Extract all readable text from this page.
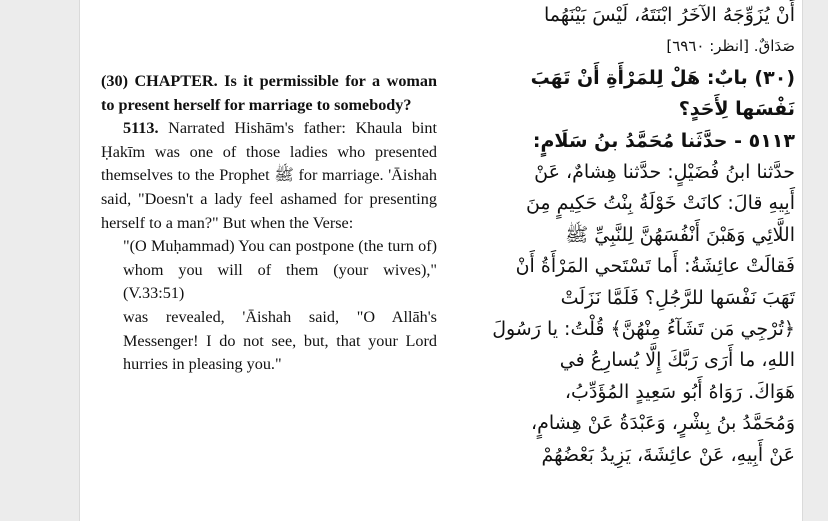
(30) CHAPTER. Is it permissible for a woman to present herself for marriage to somebody?

5113. Narrated Hishām's father: Khaula bint Ḥakīm was one of those ladies who presented themselves to the Prophet ﷺ for marriage. 'Āishah said, "Doesn't a lady feel ashamed for presenting herself to a man?" But when the Verse:

"(O Muḥammad) You can postpone (the turn of) whom you will of them (your wives)," (V.33:51)

was revealed, 'Āishah said, "O Allāh's Messenger! I do not see, but, that your Lord hurries in pleasing you."

أَنْ يُزَوِّجَهُ الآخَرُ ابْنَتَهُ، لَيْسَ بَيْنَهُما
صَدَاقٌ. [انظر: ٦٩٦٠]
(٣٠) بابٌ: هَلْ لِلمَرْأَةِ أَنْ تَهَبَ
نَفْسَها لِأَحَدٍ؟
٥١١٣ - حدَّثَنا مُحَمَّدُ بنُ سَلَامٍ:
حدَّثنا ابنُ فُضَيْلٍ: حدَّثنا هِشامٌ، عَنْ
أَبِيهِ قالَ: كانَتْ خَوْلَةُ بِنْتُ حَكِيمٍ مِنَ
اللَّائِي وَهَبْنَ أَنْفُسَهُنَّ لِلنَّبِيِّ ﷺ
فَقالَتْ عائِشَةُ: أَما تَسْتَحي المَرْأَةُ أَنْ
تَهَبَ نَفْسَها للرَّجُلِ؟ فَلَمَّا نَزَلَتْ
﴿تُرْجِي مَن تَشَآءُ مِنْهُنَّ﴾ قُلْتُ: يا رَسُولَ
اللهِ، ما أَرَى رَبَّكَ إِلَّا يُسارِعُ في
هَوَاكَ. رَوَاهُ أَبُو سَعِيدٍ المُؤَدِّبُ،
وَمُحَمَّدُ بنُ بِشْرٍ، وَعَبْدَةُ عَنْ هِشامٍ،
عَنْ أَبِيهِ، عَنْ عائِشَةَ، يَزِيدُ بَعْضُهُمْ
